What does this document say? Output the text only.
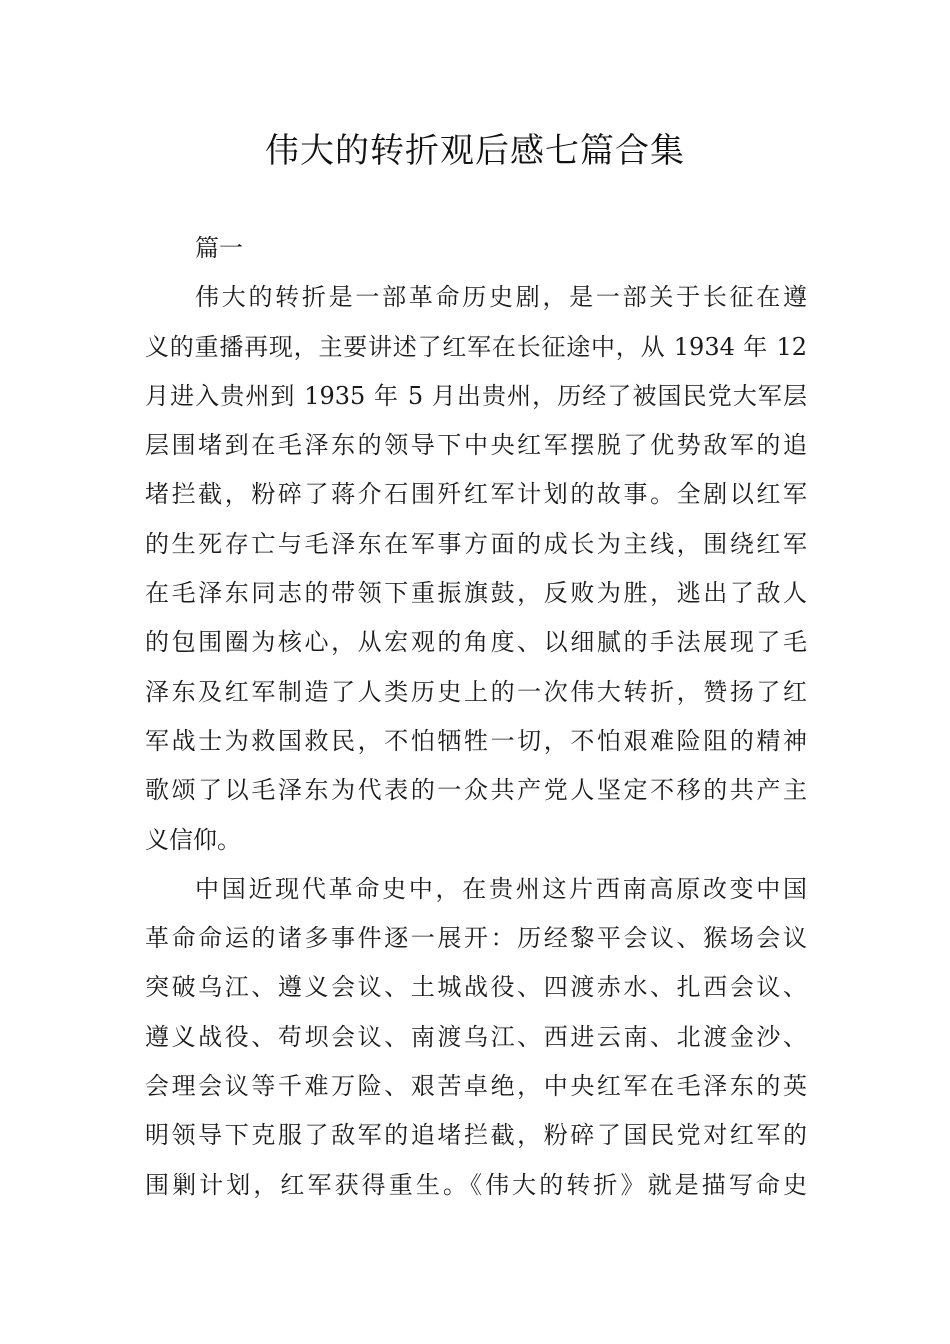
伟大的转折观后感七篇合集
篇一
伟大的转折是一部革命历史剧，是一部关于长征在遵
义的重播再现，主要讲述了红军在长征途中，从 1934 年 12
月进入贵州到 1935 年 5 月出贵州，历经了被国民党大军层
层围堵到在毛泽东的领导下中央红军摆脱了优势敌军的追
堵拦截，粉碎了蒋介石围歼红军计划的故事。全剧以红军
的生死存亡与毛泽东在军事方面的成长为主线，围绕红军
在毛泽东同志的带领下重振旗鼓，反败为胜，逃出了敌人
的包围圈为核心，从宏观的角度、以细腻的手法展现了毛
泽东及红军制造了人类历史上的一次伟大转折，赞扬了红
军战士为救国救民，不怕牺牲一切，不怕艰难险阻的精神
歌颂了以毛泽东为代表的一众共产党人坚定不移的共产主
义信仰。
中国近现代革命史中，在贵州这片西南高原改变中国
革命命运的诸多事件逐一展开：历经黎平会议、猴场会议
突破乌江、遵义会议、土城战役、四渡赤水、扎西会议、
遵义战役、苟坝会议、南渡乌江、西进云南、北渡金沙、
会理会议等千难万险、艰苦卓绝，中央红军在毛泽东的英
明领导下克服了敌军的追堵拦截，粉碎了国民党对红军的
围剿计划，红军获得重生。《伟大的转折》就是描写命史
